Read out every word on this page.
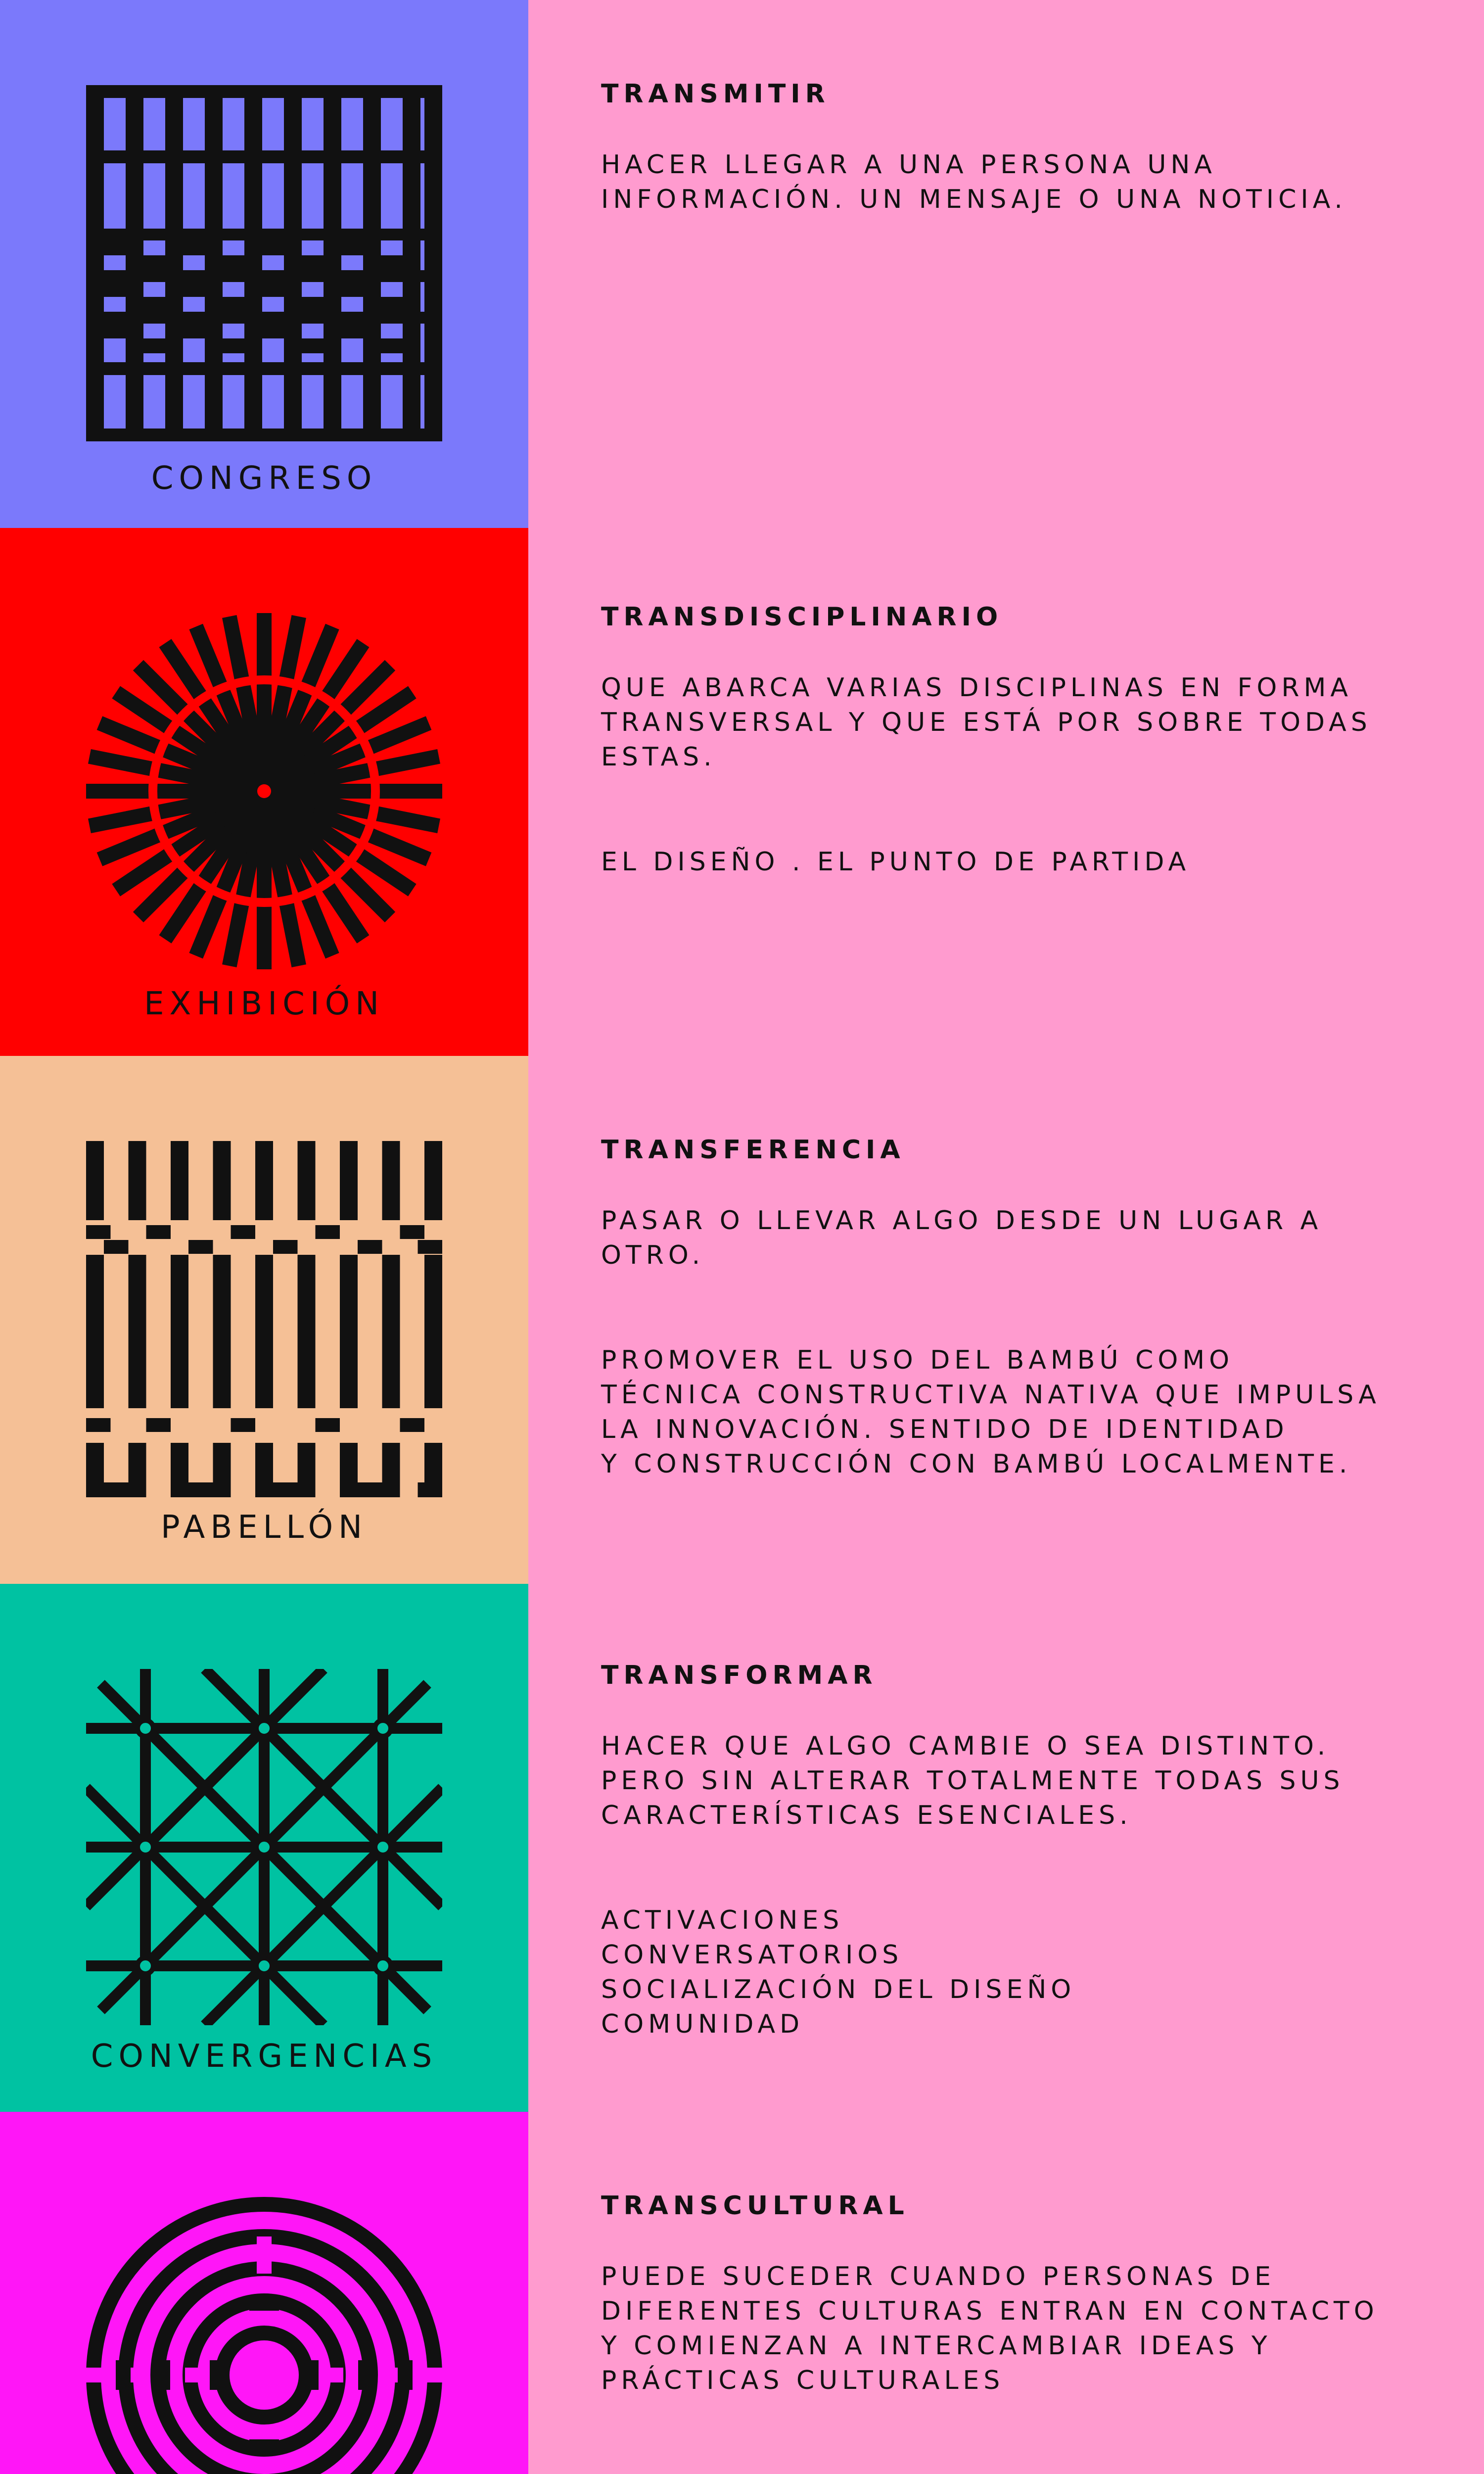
CONGRESO

TRANSMITIR

HACER LLEGAR A UNA PERSONA UNA
INFORMACIÓN. UN MENSAJE O UNA NOTICIA.

EXHIBICIÓN

TRANSDISCIPLINARIO

QUE ABARCA VARIAS DISCIPLINAS EN FORMA
TRANSVERSAL Y QUE ESTÁ POR SOBRE TODAS
ESTAS.

EL DISEÑO . EL PUNTO DE PARTIDA

PABELLÓN

TRANSFERENCIA

PASAR O LLEVAR ALGO DESDE UN LUGAR A
OTRO.

PROMOVER EL USO DEL BAMBÚ COMO
TÉCNICA CONSTRUCTIVA NATIVA QUE IMPULSA
LA INNOVACIÓN. SENTIDO DE IDENTIDAD
Y CONSTRUCCIÓN CON BAMBÚ LOCALMENTE.

CONVERGENCIAS

TRANSFORMAR

HACER QUE ALGO CAMBIE O SEA DISTINTO.
PERO SIN ALTERAR TOTALMENTE TODAS SUS
CARACTERÍSTICAS ESENCIALES.

ACTIVACIONES
CONVERSATORIOS
SOCIALIZACIÓN DEL DISEÑO
COMUNIDAD

TRANSCULTURAL

PUEDE SUCEDER CUANDO PERSONAS DE
DIFERENTES CULTURAS ENTRAN EN CONTACTO
Y COMIENZAN A INTERCAMBIAR IDEAS Y
PRÁCTICAS CULTURALES
